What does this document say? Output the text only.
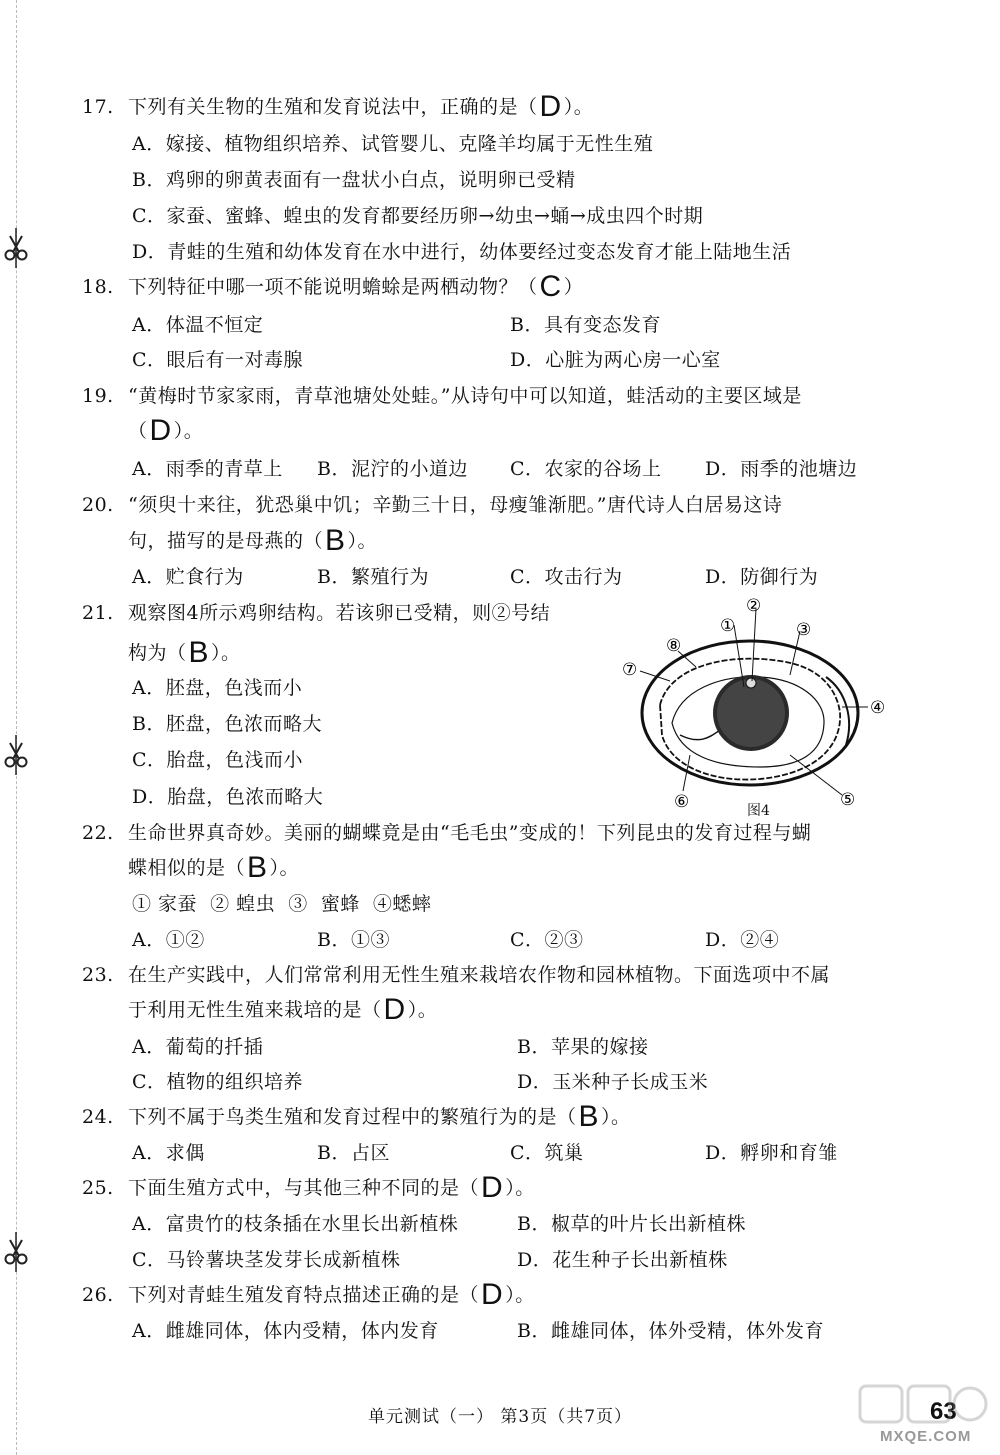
17. 下列有关生物的生殖和发育说法中，正确的是（D ）。
A．嫁接、植物组织培养、试管婴儿、克隆羊均属于无性生殖
B．鸡卵的卵黄表面有一盘状小白点，说明卵已受精
C．家蚕、蜜蜂、蝗虫的发育都要经历卵→幼虫→蛹→成虫四个时期
D．青蛙的生殖和幼体发育在水中进行，幼体要经过变态发育才能上陆地生活
18. 下列特征中哪一项不能说明蟾蜍是两栖动物？（C ）
A．体温不恒定	B．具有变态发育
C．眼后有一对毒腺	D．心脏为两心房一心室
19. “黄梅时节家家雨，青草池塘处处蛙。”从诗句中可以知道，蛙活动的主要区域是
（D ）。
A．雨季的青草上 B．泥泞的小道边 C．农家的谷场上 D．雨季的池塘边
20. “须臾十来往，犹恐巢中饥；辛勤三十日，母瘦雏渐肥。”唐代诗人白居易这诗
句，描写的是母燕的（B ）。
A．贮食行为	B．繁殖行为	C．攻击行为	D．防御行为
21. 观察图4所示鸡卵结构。若该卵已受精，则②号结
构为（B ）。
A．胚盘，色浅而小
B．胚盘，色浓而略大
C．胎盘，色浅而小
D．胎盘，色浓而略大
①
②
③
④
⑤
⑥
⑦
⑧
图4
22. 生命世界真奇妙。美丽的蝴蝶竟是由“毛毛虫”变成的！下列昆虫的发育过程与蝴
蝶相似的是（B ）。
① 家蚕  ② 蝗虫  ③  蜜蜂  ④蟋蟀
A．①②	B．①③	C．②③	D．②④
23. 在生产实践中，人们常常利用无性生殖来栽培农作物和园林植物。下面选项中不属
于利用无性生殖来栽培的是（D ）。
A．葡萄的扦插	B．苹果的嫁接
C．植物的组织培养	D．玉米种子长成玉米
24. 下列不属于鸟类生殖和发育过程中的繁殖行为的是（B ）。
A．求偶	B．占区	C．筑巢	D．孵卵和育雏
25. 下面生殖方式中，与其他三种不同的是（D ）。
A．富贵竹的枝条插在水里长出新植株	B．椒草的叶片长出新植株
C．马铃薯块茎发芽长成新植株	D．花生种子长出新植株
26. 下列对青蛙生殖发育特点描述正确的是（D ）。
A．雌雄同体，体内受精，体内发育	B．雌雄同体，体外受精，体外发育
单元测试（一） 第3页（共7页）	63
MXQE.COM
